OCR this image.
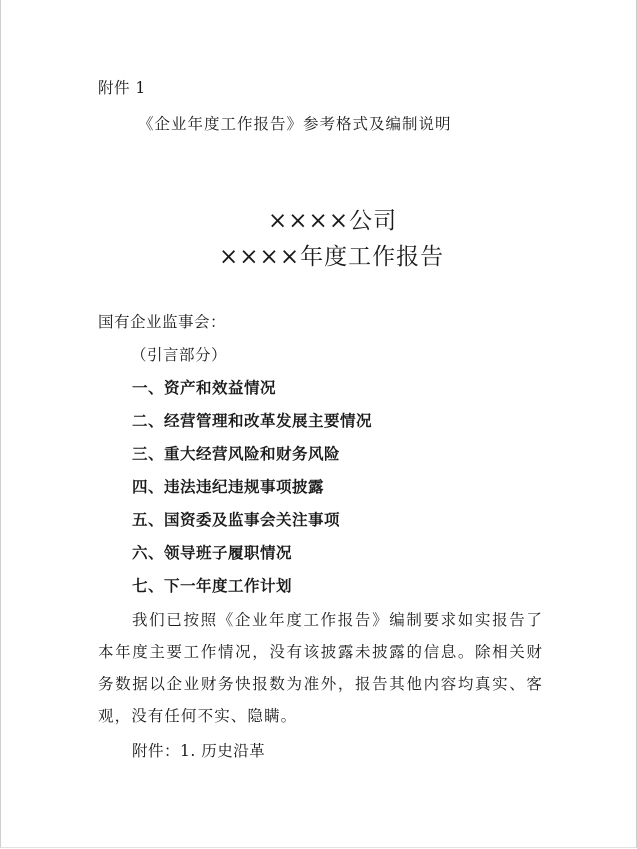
附件 1
《企业年度工作报告》参考格式及编制说明
××××公司
××××年度工作报告
国有企业监事会：
（引言部分）
一、资产和效益情况
二、经营管理和改革发展主要情况
三、重大经营风险和财务风险
四、违法违纪违规事项披露
五、国资委及监事会关注事项
六、领导班子履职情况
七、下一年度工作计划
我们已按照《企业年度工作报告》编制要求如实报告了本年度主要工作情况，没有该披露未披露的信息。除相关财务数据以企业财务快报数为准外，报告其他内容均真实、客观，没有任何不实、隐瞒。
附件：1. 历史沿革
